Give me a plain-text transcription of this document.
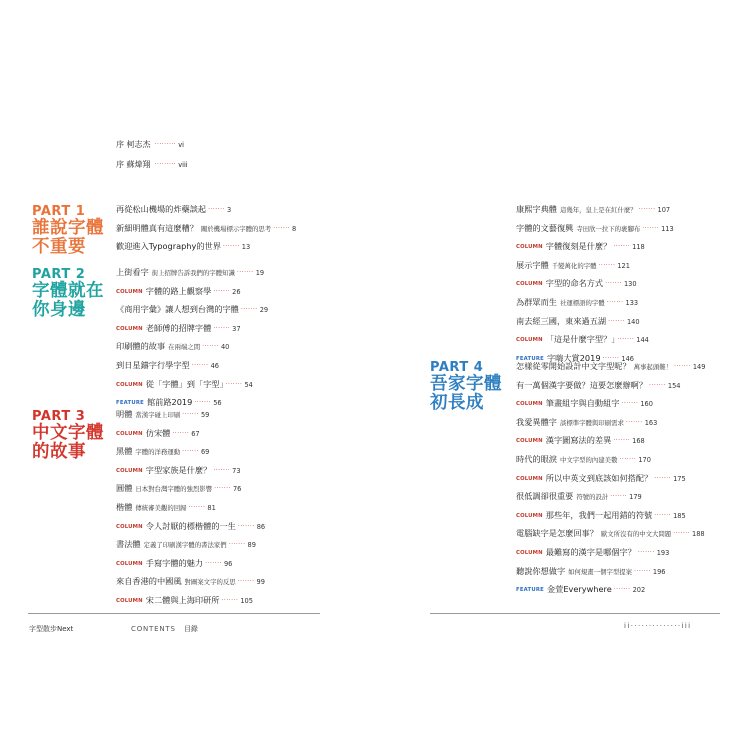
序 柯志杰 ········· vi
序 蘇煒翔 ········· viii
PART 1
誰說字體
不重要
PART 2
字體就在
你身邊
PART 3
中文字體
的故事
再從松山機場的炸藥談起 ······· 3
新細明體真有這麼糟？ 關於機場標示字體的思考 ······· 8
歡迎進入Typography的世界 ······· 13
上街看字 街上招牌告訴我們的字體知識 ······· 19
COLUMN 字體的路上觀察學 ······· 26
《商用字彙》讓人想到台灣的字體 ······· 29
COLUMN 老師傅的招牌字體 ······· 37
印刷體的故事 在兩端之間 ······· 40
到日星鑄字行學字型 ······· 46
COLUMN 從「字體」到「字型」 ······· 54
FEATURE 館前路2019 ······· 56
明體 當漢字碰上印刷 ······· 59
COLUMN 仿宋體 ······· 67
黑體 字體的洋務運動 ······· 69
COLUMN 字型家族是什麼？ ······· 73
圓體 日本對台灣字體的強烈影響 ······· 76
楷體 傳統審美觀的回歸 ······· 81
COLUMN 令人討厭的標楷體的一生 ······· 86
書法體 定義了印刷漢字體的書法家們 ······· 89
COLUMN 手寫字體的魅力 ······· 96
來自香港的中國風 對圖案文字的反思 ······· 99
COLUMN 宋二體與上海印研所 ······· 105
字型散步Next	CONTENTS 目錄
PART 4
吾家字體
初長成
康熙字典體 這幾年，皇上是在紅什麼？ ······· 107
字體的文藝復興 寺田欣一拉下的裹腳布 ······· 113
COLUMN 字體復刻是什麼？ ······· 118
展示字體 千變萬化的字體 ······· 121
COLUMN 字型的命名方式 ······· 130
為群眾而生 社運標語的字體 ······· 133
南去經三國，東來過五湖 ······· 140
COLUMN 「這是什麼字型？」 ······· 144
FEATURE 字嗨大賞2019 ······· 146
怎樣從零開始設計中文字型呢？ 萬事起頭難！ ······· 149
有一萬個漢字要做？這要怎麼辦啊？ ······· 154
COLUMN 筆畫組字與自動組字 ······· 160
我愛異體字 談標準字體與印刷需求 ······· 163
COLUMN 漢字圖寫法的差異 ······· 168
時代的眼淚 中文字型的內建美數 ······· 170
COLUMN 所以中英文到底該如何搭配？ ······· 175
很低調卻很重要 符號的設計 ······· 179
COLUMN 那些年，我們一起用錯的符號 ······· 185
電腦缺字是怎麼回事？ 歐文所沒有的中文大問題 ······· 188
COLUMN 最難寫的漢字是哪個字？ ······· 193
聽說你想做字 如何規畫一個字型提案 ······· 196
FEATURE 金萱Everywhere ······· 202
ii··············iii
